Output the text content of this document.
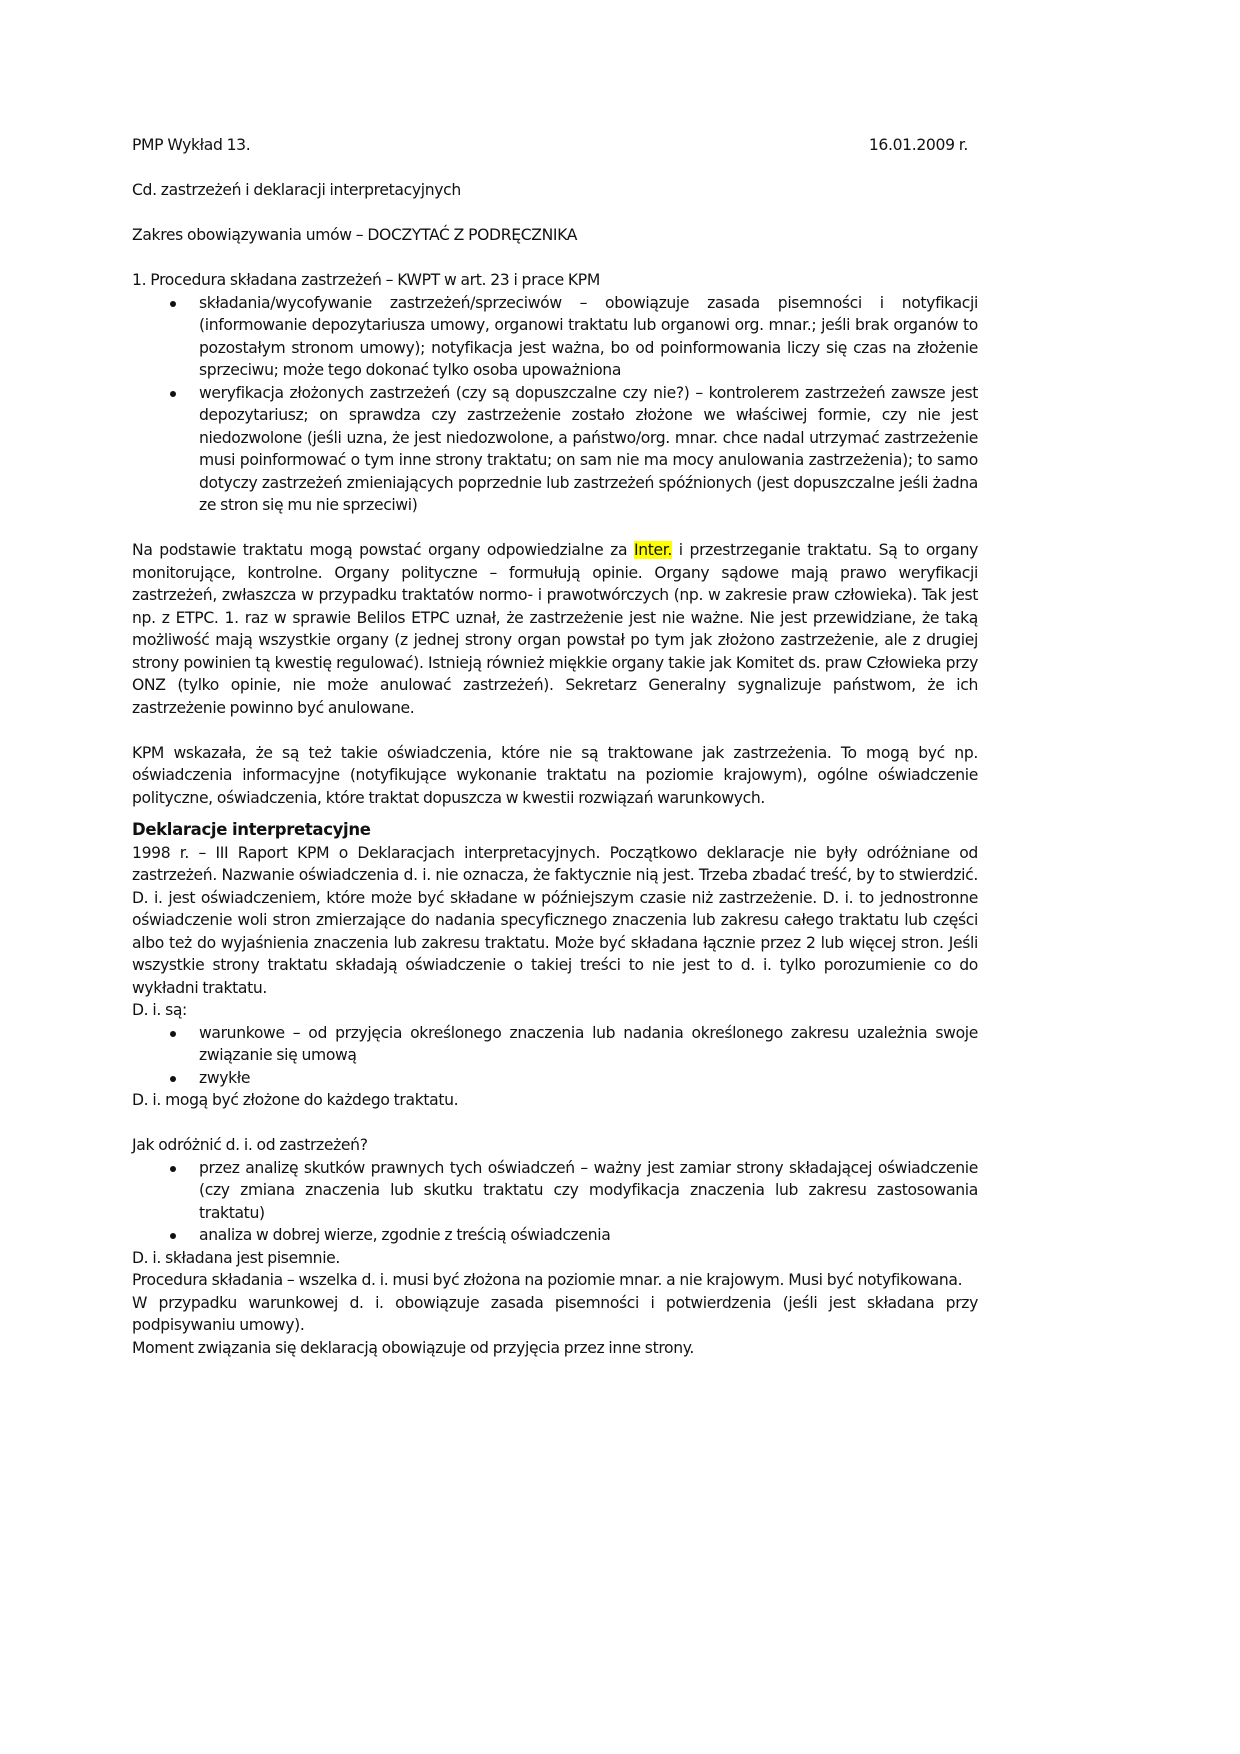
PMP Wykład 13.	16.01.2009 r.

Cd. zastrzeżeń i deklaracji interpretacyjnych

Zakres obowiązywania umów – DOCZYTAĆ Z PODRĘCZNIKA

1. Procedura składana zastrzeżeń – KWPT w art. 23 i prace KPM

składania/wycofywanie zastrzeżeń/sprzeciwów – obowiązuje zasada pisemności i notyfikacji (informowanie depozytariusza umowy, organowi traktatu lub organowi org. mnar.; jeśli brak organów to pozostałym stronom umowy); notyfikacja jest ważna, bo od poinformowania liczy się czas na złożenie sprzeciwu; może tego dokonać tylko osoba upoważniona
weryfikacja złożonych zastrzeżeń (czy są dopuszczalne czy nie?) – kontrolerem zastrzeżeń zawsze jest depozytariusz; on sprawdza czy zastrzeżenie zostało złożone we właściwej formie, czy nie jest niedozwolone (jeśli uzna, że jest niedozwolone, a państwo/org. mnar. chce nadal utrzymać zastrzeżenie musi poinformować o tym inne strony traktatu; on sam nie ma mocy anulowania zastrzeżenia); to samo dotyczy zastrzeżeń zmieniających poprzednie lub zastrzeżeń spóźnionych (jest dopuszczalne jeśli żadna ze stron się mu nie sprzeciwi)

Na podstawie traktatu mogą powstać organy odpowiedzialne za Inter. i przestrzeganie traktatu. Są to organy monitorujące, kontrolne. Organy polityczne – formułują opinie. Organy sądowe mają prawo weryfikacji zastrzeżeń, zwłaszcza w przypadku traktatów normo- i prawotwórczych (np. w zakresie praw człowieka). Tak jest np. z ETPC. 1. raz w sprawie Belilos ETPC uznał, że zastrzeżenie jest nie ważne. Nie jest przewidziane, że taką możliwość mają wszystkie organy (z jednej strony organ powstał po tym jak złożono zastrzeżenie, ale z drugiej strony powinien tą kwestię regulować). Istnieją również miękkie organy takie jak Komitet ds. praw Człowieka przy ONZ (tylko opinie, nie może anulować zastrzeżeń). Sekretarz Generalny sygnalizuje państwom, że ich zastrzeżenie powinno być anulowane.

KPM wskazała, że są też takie oświadczenia, które nie są traktowane jak zastrzeżenia. To mogą być np. oświadczenia informacyjne (notyfikujące wykonanie traktatu na poziomie krajowym), ogólne oświadczenie polityczne, oświadczenia, które traktat dopuszcza w kwestii rozwiązań warunkowych.

Deklaracje interpretacyjne

1998 r. – III Raport KPM o Deklaracjach interpretacyjnych. Początkowo deklaracje nie były odróżniane od zastrzeżeń. Nazwanie oświadczenia d. i. nie oznacza, że faktycznie nią jest. Trzeba zbadać treść, by to stwierdzić. D. i. jest oświadczeniem, które może być składane w późniejszym czasie niż zastrzeżenie. D. i. to jednostronne oświadczenie woli stron zmierzające do nadania specyficznego znaczenia lub zakresu całego traktatu lub części albo też do wyjaśnienia znaczenia lub zakresu traktatu. Może być składana łącznie przez 2 lub więcej stron. Jeśli wszystkie strony traktatu składają oświadczenie o takiej treści to nie jest to d. i. tylko porozumienie co do wykładni traktatu.

D. i. są:

warunkowe – od przyjęcia określonego znaczenia lub nadania określonego zakresu uzależnia swoje związanie się umową
zwykłe

D. i. mogą być złożone do każdego traktatu.

Jak odróżnić d. i. od zastrzeżeń?

przez analizę skutków prawnych tych oświadczeń – ważny jest zamiar strony składającej oświadczenie (czy zmiana znaczenia lub skutku traktatu czy modyfikacja znaczenia lub zakresu zastosowania traktatu)
analiza w dobrej wierze, zgodnie z treścią oświadczenia

D. i. składana jest pisemnie.

Procedura składania – wszelka d. i. musi być złożona na poziomie mnar. a nie krajowym. Musi być notyfikowana.

W przypadku warunkowej d. i. obowiązuje zasada pisemności i potwierdzenia (jeśli jest składana przy podpisywaniu umowy).

Moment związania się deklaracją obowiązuje od przyjęcia przez inne strony.
